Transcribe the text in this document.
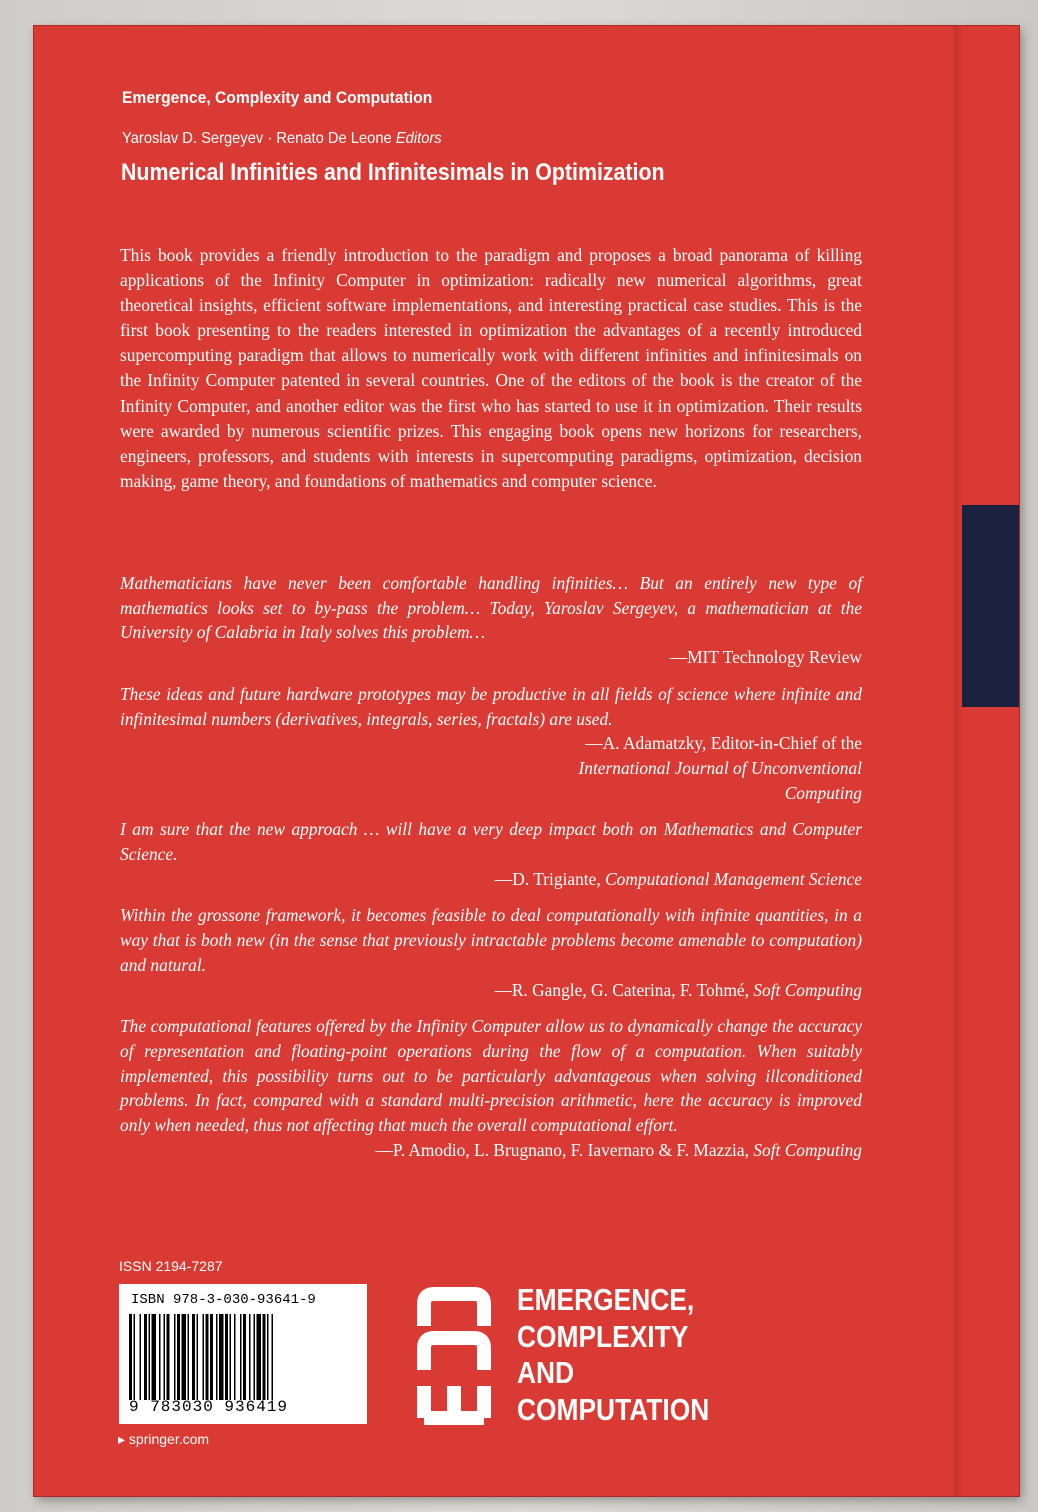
Emergence, Complexity and Computation
Yaroslav D. Sergeyev · Renato De Leone Editors
Numerical Infinities and Infinitesimals in Optimization
This book provides a friendly introduction to the paradigm and proposes a broad panorama of killing applications of the Infinity Computer in optimization: radically new numerical algorithms, great theoretical insights, efficient software implementations, and interesting practical case studies. This is the first book presenting to the readers interested in optimization the advantages of a recently introduced supercomputing paradigm that allows to numerically work with different infinities and infinitesimals on the Infinity Computer patented in several countries. One of the editors of the book is the creator of the Infinity Computer, and another editor was the first who has started to use it in optimization. Their results were awarded by numerous scientific prizes. This engaging book opens new horizons for researchers, engineers, professors, and students with interests in supercomputing paradigms, optimization, decision making, game theory, and foundations of mathematics and computer science.
Mathematicians have never been comfortable handling infinities… But an entirely new type of mathematics looks set to by-pass the problem… Today, Yaroslav Sergeyev, a mathematician at the University of Calabria in Italy solves this problem…
—MIT Technology Review
These ideas and future hardware prototypes may be productive in all fields of science where infinite and infinitesimal numbers (derivatives, integrals, series, fractals) are used.
—A. Adamatzky, Editor-in-Chief of the International Journal of Unconventional Computing
I am sure that the new approach … will have a very deep impact both on Mathematics and Computer Science.
—D. Trigiante, Computational Management Science
Within the grossone framework, it becomes feasible to deal computationally with infinite quantities, in a way that is both new (in the sense that previously intractable problems become amenable to computation) and natural.
—R. Gangle, G. Caterina, F. Tohmé, Soft Computing
The computational features offered by the Infinity Computer allow us to dynamically change the accuracy of representation and floating-point operations during the flow of a computation. When suitably implemented, this possibility turns out to be particularly advantageous when solving illconditioned problems. In fact, compared with a standard multi-precision arithmetic, here the accuracy is improved only when needed, thus not affecting that much the overall computational effort.
—P. Amodio, L. Brugnano, F. Iavernaro & F. Mazzia, Soft Computing
ISSN 2194-7287
ISBN 978-3-030-93641-9
9 783030 936419
▸ springer.com
EMERGENCE,
COMPLEXITY
AND
COMPUTATION
